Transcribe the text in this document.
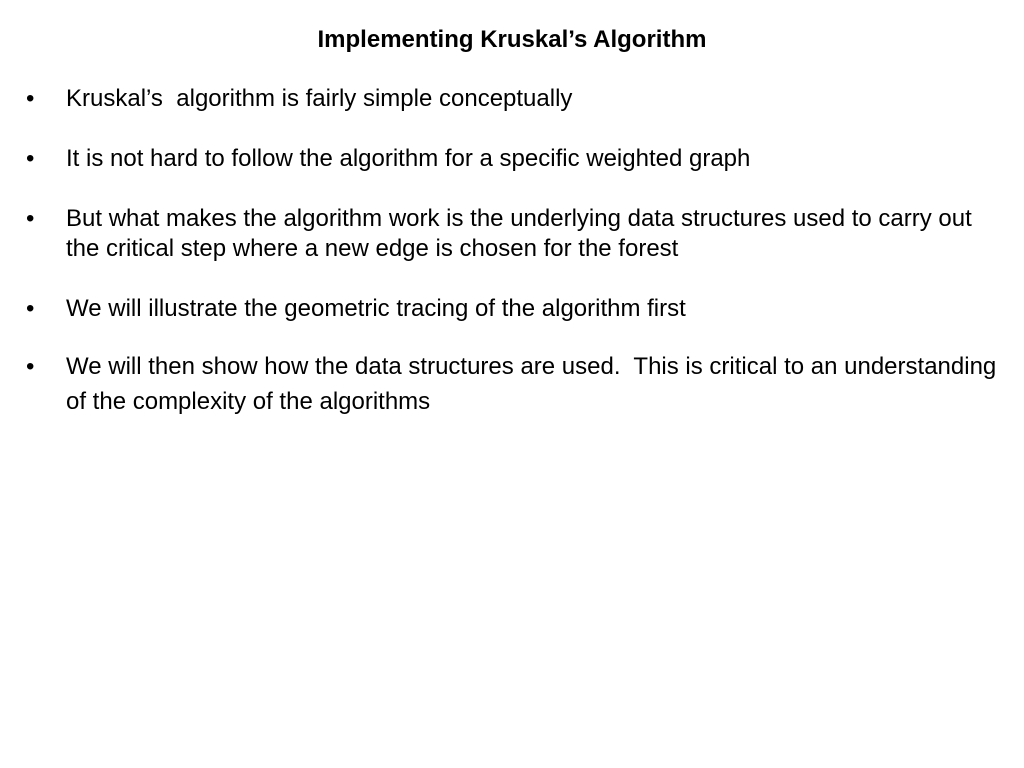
Implementing Kruskal’s Algorithm
•	Kruskal’s  algorithm is fairly simple conceptually
•	It is not hard to follow the algorithm for a specific weighted graph
•	But what makes the algorithm work is the underlying data structures used to carry out the critical step where a new edge is chosen for the forest
•	We will illustrate the geometric tracing of the algorithm first
•	We will then show how the data structures are used.  This is critical to an understanding of the complexity of the algorithms
